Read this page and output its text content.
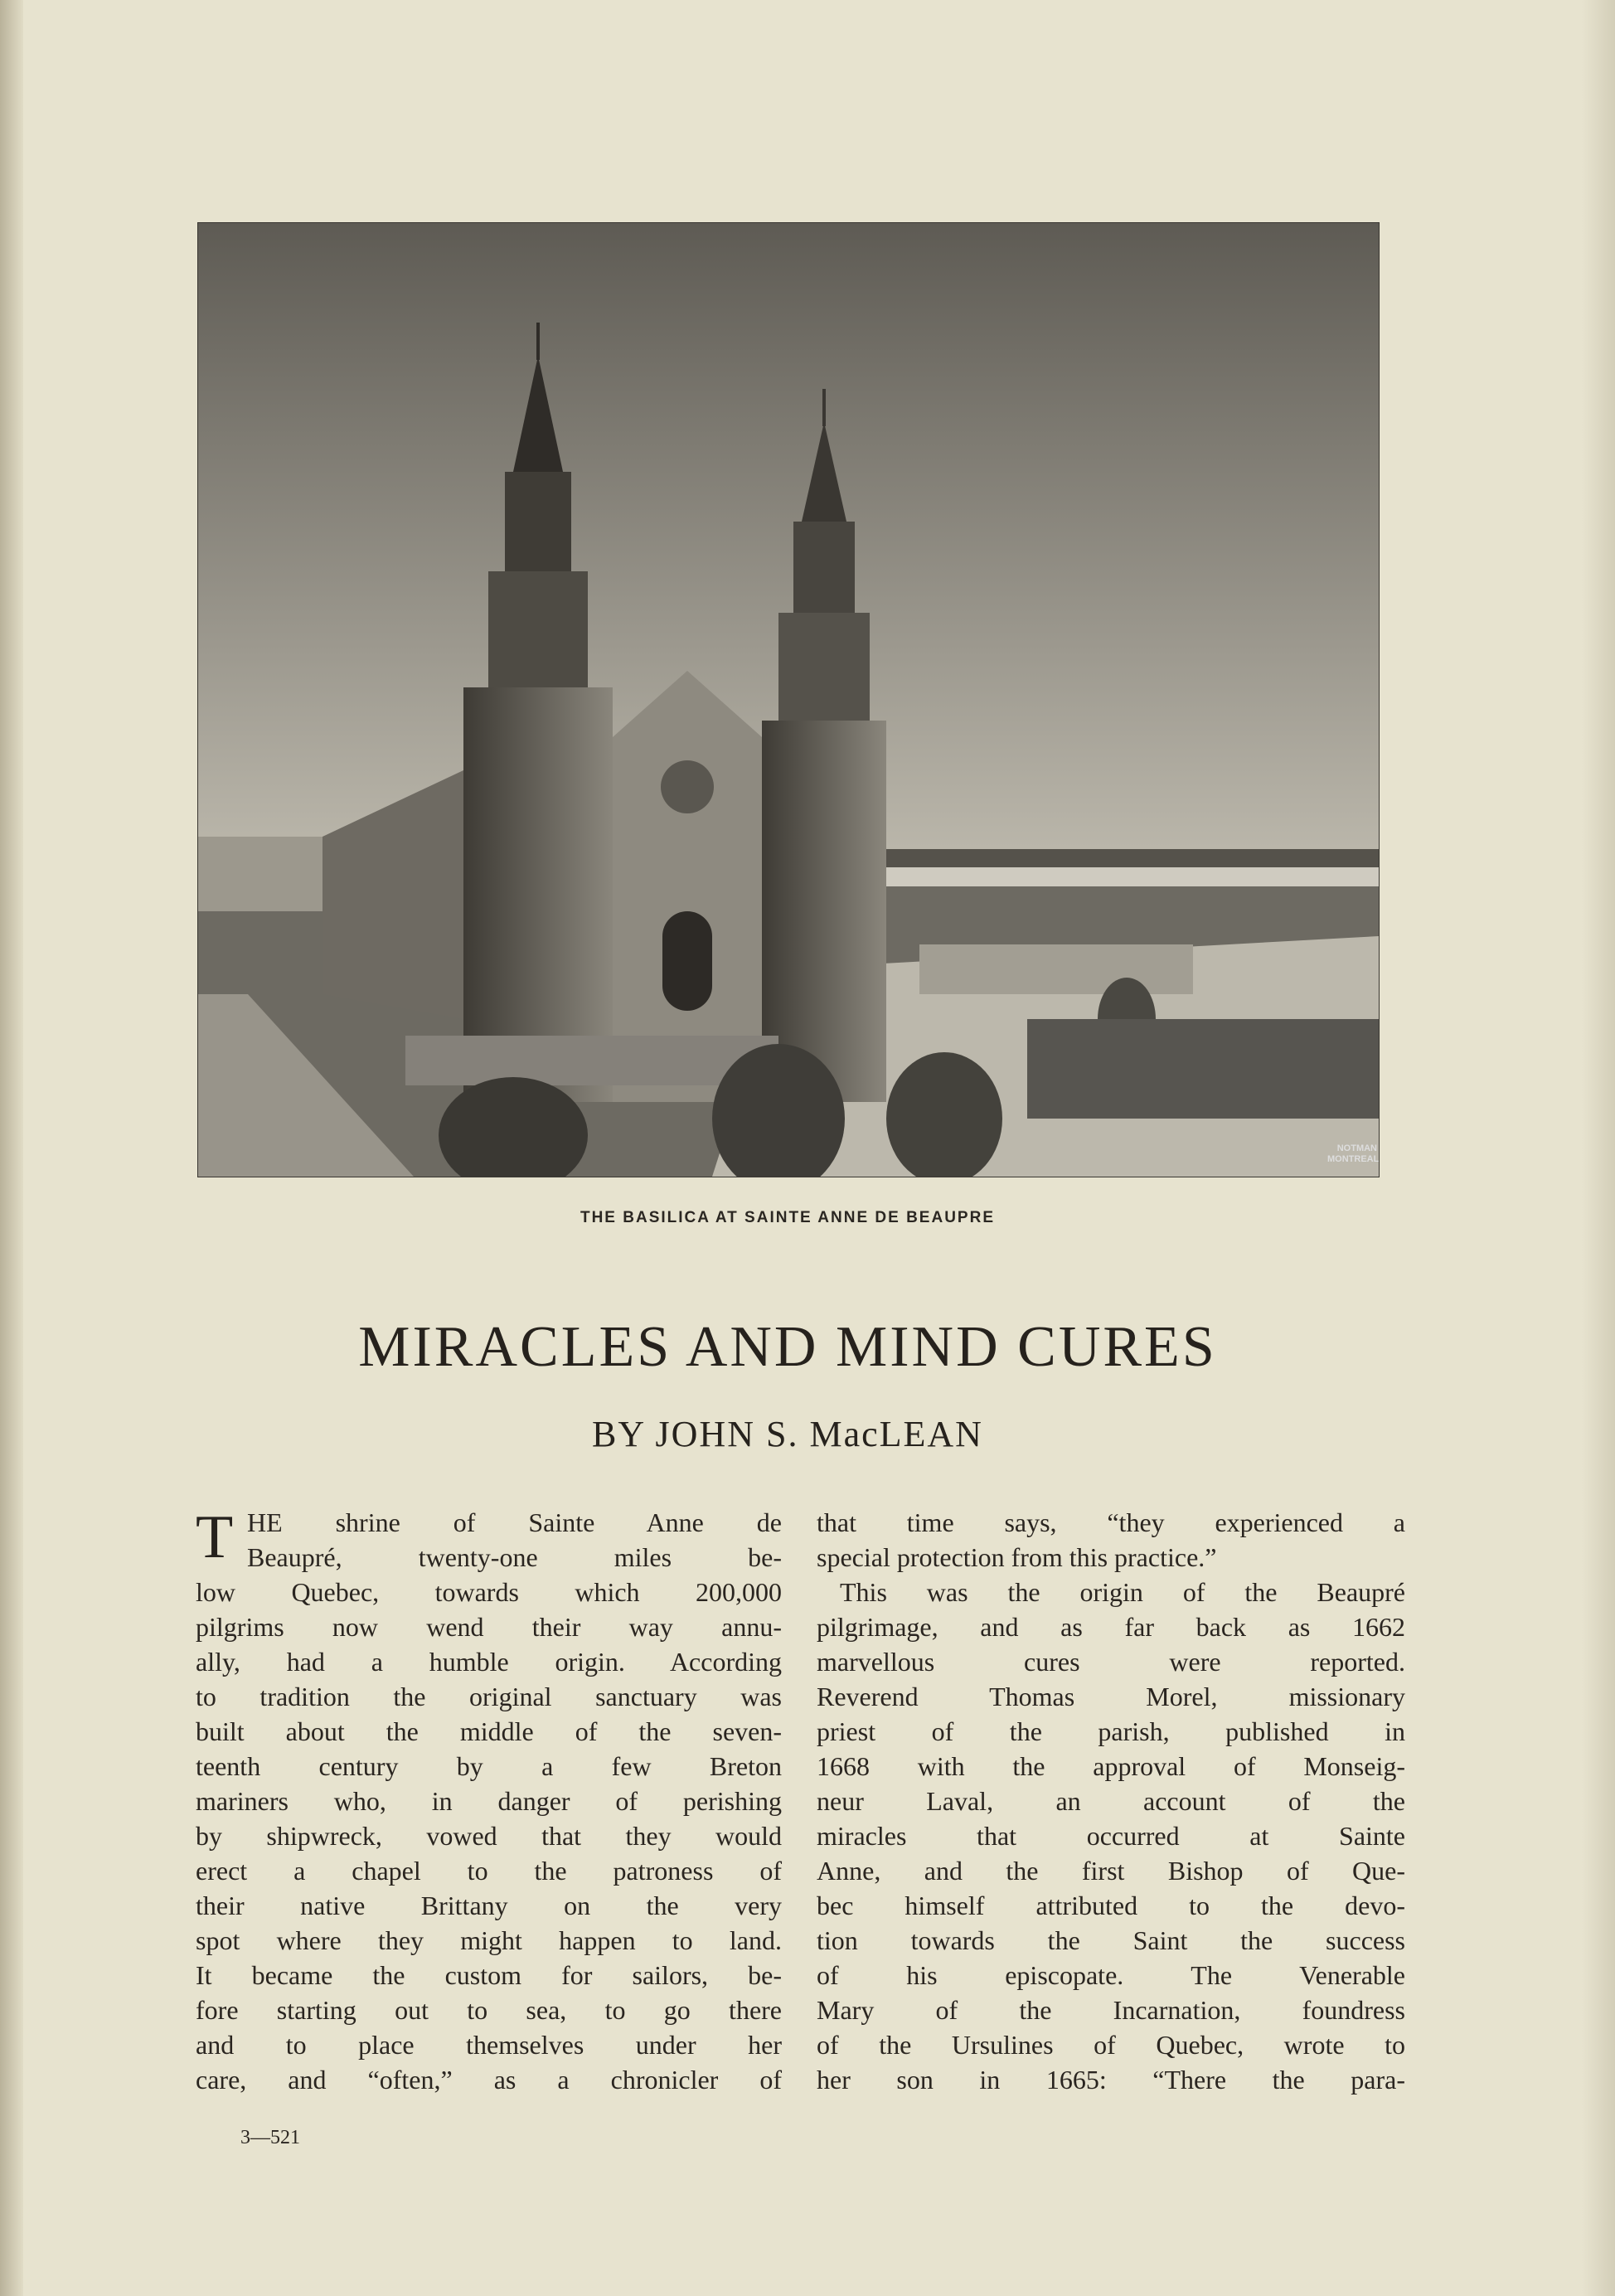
NOTMAN MONTREAL
THE BASILICA AT SAINTE ANNE DE BEAUPRE
MIRACLES AND MIND CURES
BY JOHN S. MacLEAN
T HE shrine of Sainte Anne de
Beaupré, twenty-one miles be-
low Quebec, towards which 200,000
pilgrims now wend their way annu-
ally, had a humble origin. According
to tradition the original sanctuary was
built about the middle of the seven-
teenth century by a few Breton
mariners who, in danger of perishing
by shipwreck, vowed that they would
erect a chapel to the patroness of
their native Brittany on the very
spot where they might happen to land.
It became the custom for sailors, be-
fore starting out to sea, to go there
and to place themselves under her
care, and “often,” as a chronicler of
that time says, “they experienced a
special protection from this practice.”
This was the origin of the Beaupré
pilgrimage, and as far back as 1662
marvellous cures were reported.
Reverend Thomas Morel, missionary
priest of the parish, published in
1668 with the approval of Monseig-
neur Laval, an account of the
miracles that occurred at Sainte
Anne, and the first Bishop of Que-
bec himself attributed to the devo-
tion towards the Saint the success
of his episcopate. The Venerable
Mary of the Incarnation, foundress
of the Ursulines of Quebec, wrote to
her son in 1665: “There the para-
3—521
